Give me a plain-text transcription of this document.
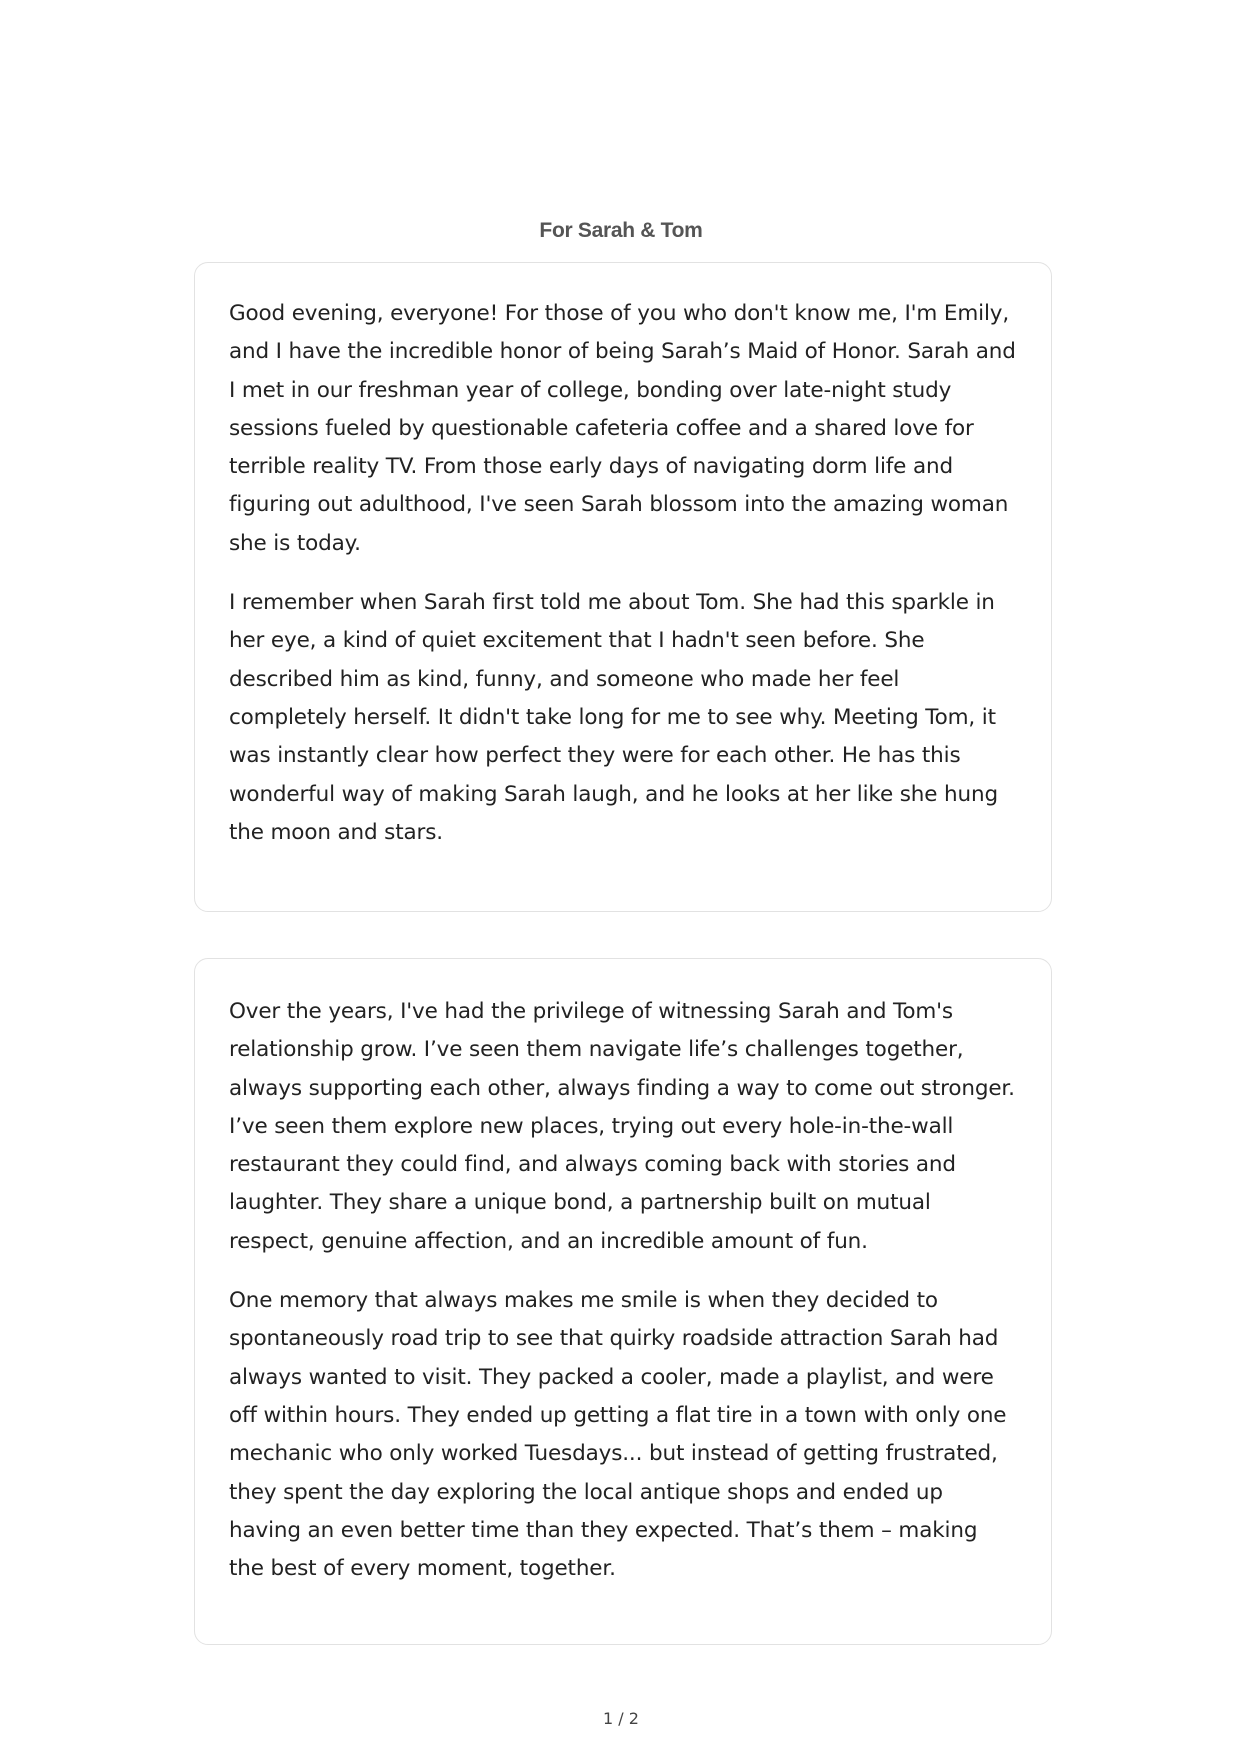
For Sarah & Tom

Good evening, everyone! For those of you who don't know me, I'm Emily, and I have the incredible honor of being Sarah’s Maid of Honor. Sarah and I met in our freshman year of college, bonding over late-night study sessions fueled by questionable cafeteria coffee and a shared love for terrible reality TV. From those early days of navigating dorm life and figuring out adulthood, I've seen Sarah blossom into the amazing woman she is today.

I remember when Sarah first told me about Tom. She had this sparkle in her eye, a kind of quiet excitement that I hadn't seen before. She described him as kind, funny, and someone who made her feel completely herself. It didn't take long for me to see why. Meeting Tom, it was instantly clear how perfect they were for each other. He has this wonderful way of making Sarah laugh, and he looks at her like she hung the moon and stars.

Over the years, I've had the privilege of witnessing Sarah and Tom's relationship grow. I’ve seen them navigate life’s challenges together, always supporting each other, always finding a way to come out stronger. I’ve seen them explore new places, trying out every hole-in-the-wall restaurant they could find, and always coming back with stories and laughter. They share a unique bond, a partnership built on mutual respect, genuine affection, and an incredible amount of fun.

One memory that always makes me smile is when they decided to spontaneously road trip to see that quirky roadside attraction Sarah had always wanted to visit. They packed a cooler, made a playlist, and were off within hours. They ended up getting a flat tire in a town with only one mechanic who only worked Tuesdays... but instead of getting frustrated, they spent the day exploring the local antique shops and ended up having an even better time than they expected. That’s them – making the best of every moment, together.

1 / 2
